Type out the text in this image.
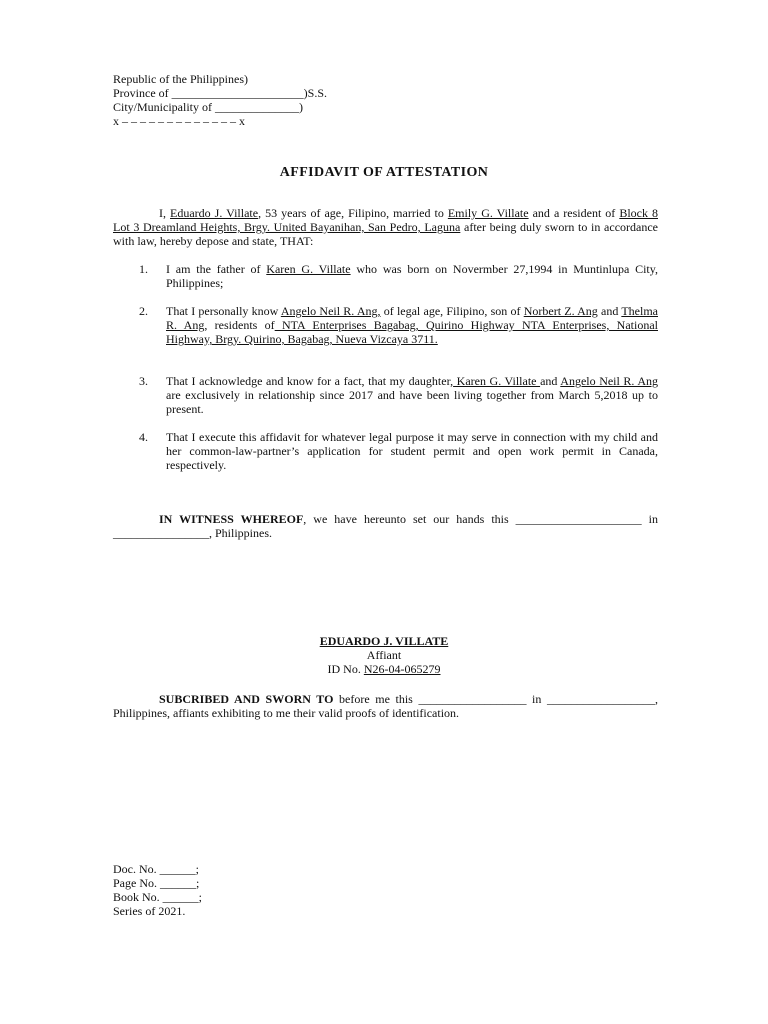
Republic of the Philippines)
Province of ______________________)S.S.
City/Municipality of ______________)
x – – – – – – – – – – – – – x
AFFIDAVIT OF ATTESTATION
I, Eduardo J. Villate, 53 years of age, Filipino, married to Emily G. Villate and a resident of Block 8 Lot 3 Dreamland Heights, Brgy. United Bayanihan, San Pedro, Laguna after being duly sworn to in accordance with law, hereby depose and state, THAT:
1.	I am the father of Karen G. Villate who was born on Novermber 27,1994 in Muntinlupa City, Philippines;
2.	That I personally know Angelo Neil R. Ang, of legal age, Filipino, son of Norbert Z. Ang and Thelma R. Ang, residents of NTA Enterprises Bagabag, Quirino Highway NTA Enterprises, National Highway, Brgy. Quirino, Bagabag, Nueva Vizcaya 3711.
3.	That I acknowledge and know for a fact, that my daughter, Karen G. Villate and Angelo Neil R. Ang are exclusively in relationship since 2017 and have been living together from March 5,2018 up to present.
4.	That I execute this affidavit for whatever legal purpose it may serve in connection with my child and her common-law-partner’s application for student permit and open work permit in Canada, respectively.
IN WITNESS WHEREOF, we have hereunto set our hands this _____________________ in ________________, Philippines.
EDUARDO J. VILLATE
Affiant
ID No. N26-04-065279
SUBCRIBED AND SWORN TO before me this __________________ in __________________, Philippines, affiants exhibiting to me their valid proofs of identification.
Doc. No. ______;
Page No. ______;
Book No. ______;
Series of 2021.
